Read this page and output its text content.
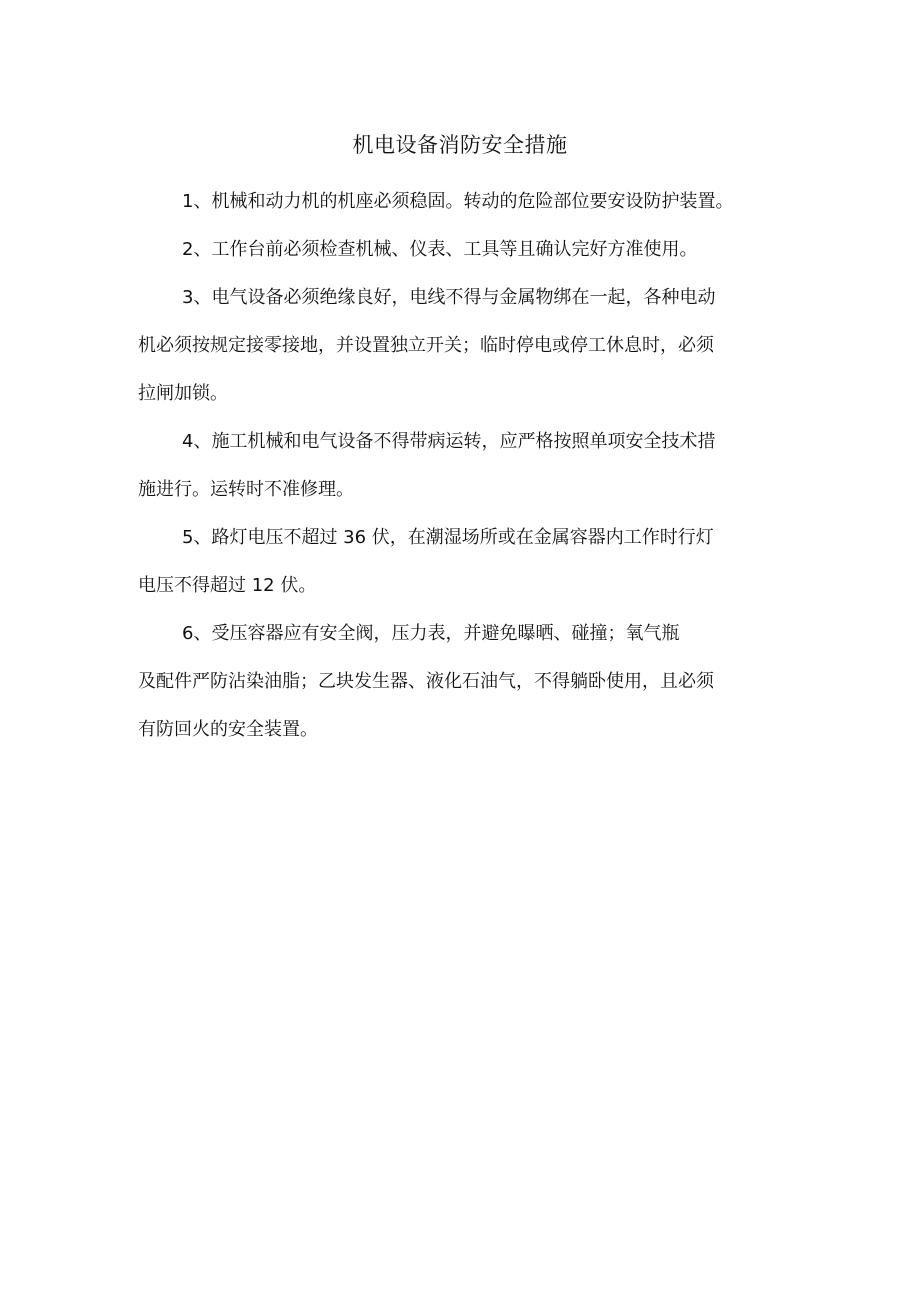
机电设备消防安全措施

1、机械和动力机的机座必须稳固。转动的危险部位要安设防护装置。

2、工作台前必须检查机械、仪表、工具等且确认完好方准使用。

3、电气设备必须绝缘良好，电线不得与金属物绑在一起，各种电动
机必须按规定接零接地，并设置独立开关；临时停电或停工休息时，必须
拉闸加锁。

4、施工机械和电气设备不得带病运转，应严格按照单项安全技术措
施进行。运转时不准修理。

5、路灯电压不超过 36 伏，在潮湿场所或在金属容器内工作时行灯
电压不得超过 12 伏。

6、受压容器应有安全阀，压力表，并避免曝晒、碰撞；氧气瓶
及配件严防沾染油脂；乙块发生器、液化石油气，不得躺卧使用，且必须
有防回火的安全装置。
